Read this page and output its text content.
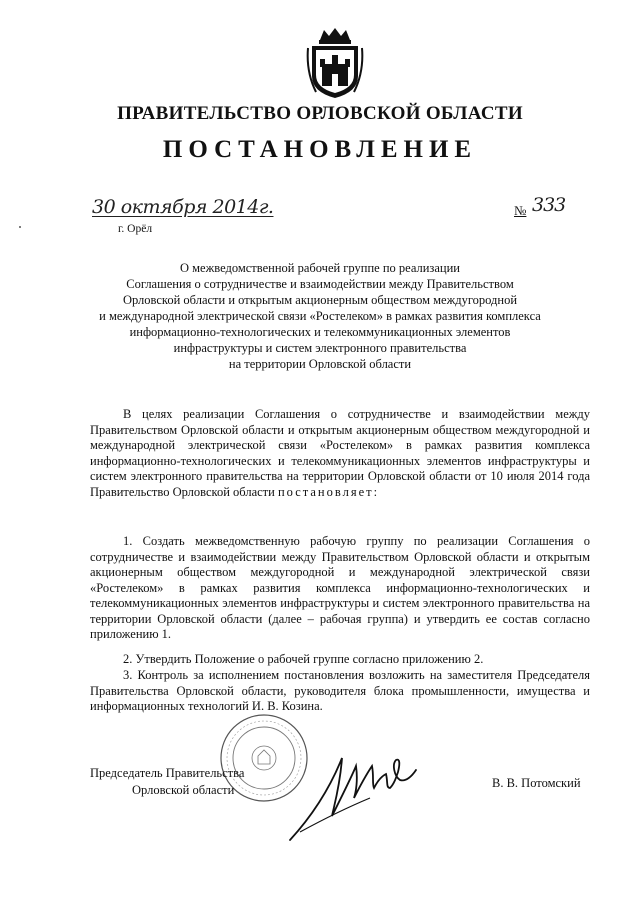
ПРАВИТЕЛЬСТВО ОРЛОВСКОЙ ОБЛАСТИ
ПОСТАНОВЛЕНИЕ
30 октября 2014г.	№ 333
г. Орёл
О межведомственной рабочей группе по реализации
Соглашения о сотрудничестве и взаимодействии между Правительством
Орловской области и открытым акционерным обществом междугородной
и международной электрической связи «Ростелеком» в рамках развития комплекса
информационно-технологических и телекоммуникационных элементов
инфраструктуры и систем электронного правительства
на территории Орловской области
В целях реализации Соглашения о сотрудничестве и взаимодействии между Правительством Орловской области и открытым акционерным обществом междугородной и международной электрической связи «Ростелеком» в рамках развития комплекса информационно-технологических и телекоммуникационных элементов инфраструктуры и систем электронного правительства на территории Орловской области от 10 июля 2014 года Правительство Орловской области постановляет:
1. Создать межведомственную рабочую группу по реализации Соглашения о сотрудничестве и взаимодействии между Правительством Орловской области и открытым акционерным обществом междугородной и международной электрической связи «Ростелеком» в рамках развития комплекса информационно-технологических и телекоммуникационных элементов инфраструктуры и систем электронного правительства на территории Орловской области (далее – рабочая группа) и утвердить ее состав согласно приложению 1.
2. Утвердить Положение о рабочей группе согласно приложению 2.
3. Контроль за исполнением постановления возложить на заместителя Председателя Правительства Орловской области, руководителя блока промышленности, имущества и информационных технологий И. В. Козина.
Председатель Правительства
Орловской области	В. В. Потомский
